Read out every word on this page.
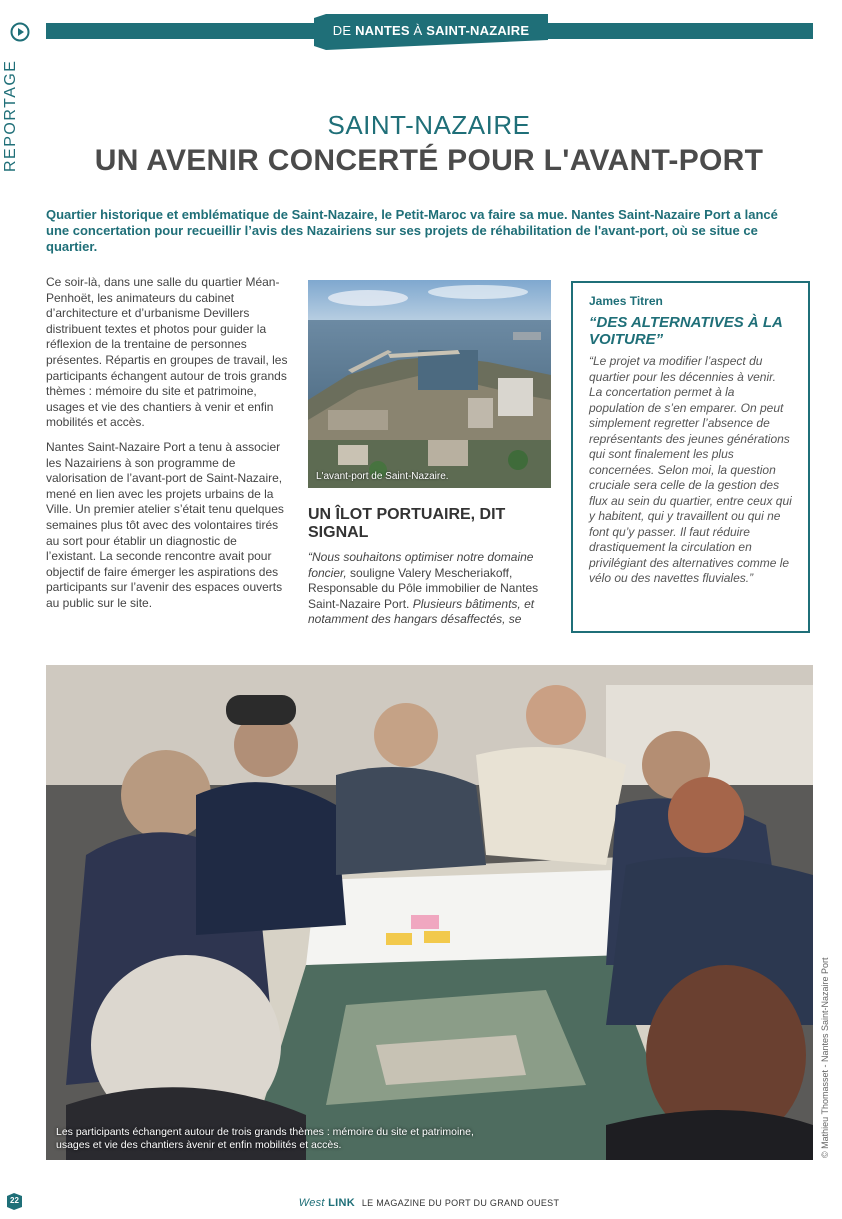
REPORTAGE
DE NANTES À SAINT-NAZAIRE
SAINT-NAZAIRE
UN AVENIR CONCERTÉ POUR L'AVANT-PORT
Quartier historique et emblématique de Saint-Nazaire, le Petit-Maroc va faire sa mue. Nantes Saint-Nazaire Port a lancé une concertation pour recueillir l’avis des Nazairiens sur ses projets de réhabilitation de l'avant-port, où se situe ce quartier.

Ce soir-là, dans une salle du quartier Méan-Penhoët, les animateurs du cabinet d’architecture et d’urbanisme Devillers distribuent textes et photos pour guider la réflexion de la trentaine de personnes présentes. Répartis en groupes de travail, les participants échangent autour de trois grands thèmes : mémoire du site et patrimoine, usages et vie des chantiers à venir et enfin mobilités et accès.

Nantes Saint-Nazaire Port a tenu à associer les Nazairiens à son programme de valorisation de l’avant-port de Saint-Nazaire, mené en lien avec les projets urbains de la Ville. Un premier atelier s’était tenu quelques semaines plus tôt avec des volontaires tirés au sort pour établir un diagnostic de l’existant. La seconde rencontre avait pour objectif de faire émerger les aspirations des participants sur l’avenir des espaces ouverts au public sur le site.

L'avant-port de Saint-Nazaire.
UN ÎLOT PORTUAIRE, DIT SIGNAL

“Nous souhaitons optimiser notre domaine foncier, souligne Valery Mescheriakoff, Responsable du Pôle immobilier de Nantes Saint-Nazaire Port. Plusieurs bâtiments, et notamment des hangars désaffectés, se

James Titren
“DES ALTERNATIVES À LA VOITURE”
“Le projet va modifier l’aspect du quartier pour les décennies à venir. La concertation permet à la population de s’en emparer. On peut simplement regretter l’absence de représentants des jeunes générations qui sont finalement les plus concernées. Selon moi, la question cruciale sera celle de la gestion des flux au sein du quartier, entre ceux qui y habitent, qui y travaillent ou qui ne font qu’y passer. Il faut réduire drastiquement la circulation en privilégiant des alternatives comme le vélo ou des navettes fluviales.”
Les participants échangent autour de trois grands thèmes : mémoire du site et patrimoine, usages et vie des chantiers àvenir et enfin mobilités et accès.	© Mathieu Thomasset - Nantes Saint-Nazaire Port
22	West LINK LE MAGAZINE DU PORT DU GRAND OUEST
